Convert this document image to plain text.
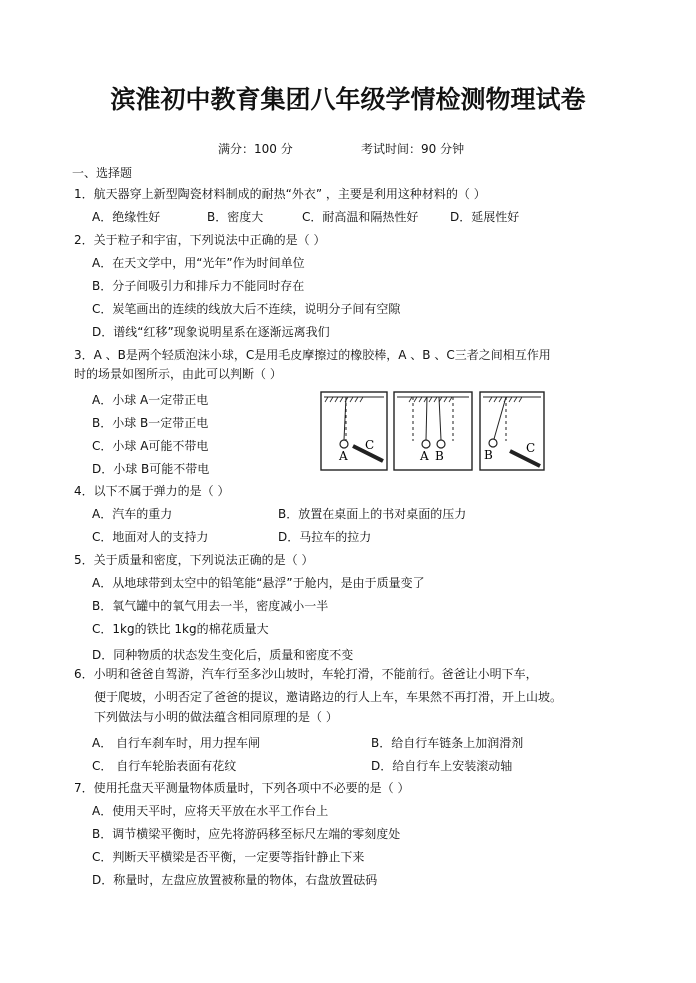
滨淮初中教育集团八年级学情检测物理试卷
满分：100 分	考试时间：90 分钟
一、选择题
1．航天器穿上新型陶瓷材料制成的耐热“外衣” ，主要是利用这种材料的（ ）
A．绝缘性好	B．密度大	C．耐高温和隔热性好	D．延展性好
2．关于粒子和宇宙，下列说法中正确的是（ ）
A．在天文学中，用“光年”作为时间单位
B．分子间吸引力和排斥力不能同时存在
C．炭笔画出的连续的线放大后不连续，说明分子间有空隙
D．谱线“红移”现象说明星系在逐渐远离我们
3．A 、B是两个轻质泡沫小球，C是用毛皮摩擦过的橡胶棒，A 、B 、C三者之间相互作用
时的场景如图所示，由此可以判断（ ）
A．小球 A一定带正电
B．小球 B一定带正电
C．小球 A可能不带电
D．小球 B可能不带电
A
C
A B	B	C
4．以下不属于弹力的是（ ）
A．汽车的重力	B．放置在桌面上的书对桌面的压力
C．地面对人的支持力	D．马拉车的拉力
5．关于质量和密度，下列说法正确的是（ ）
A．从地球带到太空中的铅笔能“悬浮”于舱内，是由于质量变了
B．氧气罐中的氧气用去一半，密度减小一半
C．1kg的铁比 1kg的棉花质量大
D．同种物质的状态发生变化后，质量和密度不变
6．小明和爸爸自驾游，汽车行至多沙山坡时，车轮打滑，不能前行。爸爸让小明下车，
便于爬坡，小明否定了爸爸的提议，邀请路边的行人上车，车果然不再打滑，开上山坡。
下列做法与小明的做法蕴含相同原理的是（ ）
A． 自行车刹车时，用力捏车闸	B．给自行车链条上加润滑剂
C． 自行车轮胎表面有花纹	D．给自行车上安装滚动轴
7．使用托盘天平测量物体质量时，下列各项中不必要的是（ ）
A．使用天平时，应将天平放在水平工作台上
B．调节横梁平衡时，应先将游码移至标尺左端的零刻度处
C．判断天平横梁是否平衡，一定要等指针静止下来
D．称量时，左盘应放置被称量的物体，右盘放置砝码
